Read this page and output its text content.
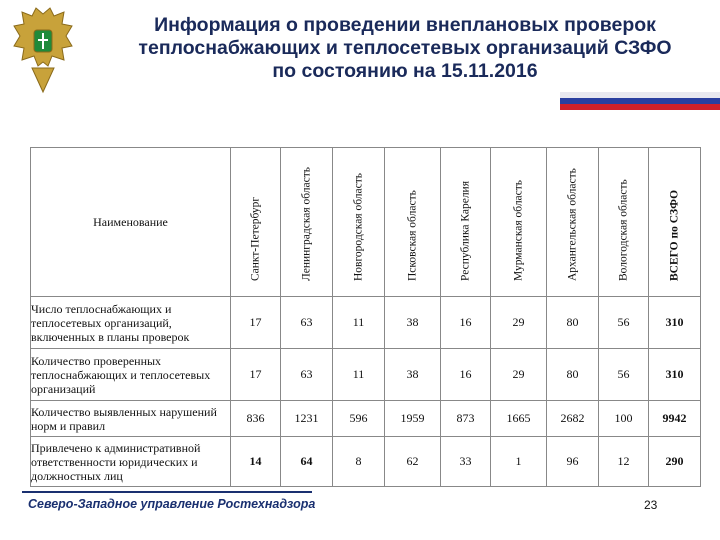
Информация о проведении внеплановых проверок
теплоснабжающих и теплосетевых организаций СЗФО
по состоянию на 15.11.2016
Наименование	Санкт-Петербург	Ленинградская область	Новгородская область	Псковская область	Республика Карелия	Мурманская область	Архангельская область	Вологодская область	ВСЕГО по СЗФО

Число теплоснабжающих и теплосетевых организаций, включенных в планы проверок	17	63	11	38	16	29	80	56	310
Количество проверенных теплоснабжающих и теплосетевых организаций	17	63	11	38	16	29	80	56	310
Количество выявленных нарушений норм и правил	836	1231	596	1959	873	1665	2682	100	9942
Привлечено к административной ответственности юридических и должностных лиц	14	64	8	62	33	1	96	12	290
Северо-Западное управление Ростехнадзора	23
